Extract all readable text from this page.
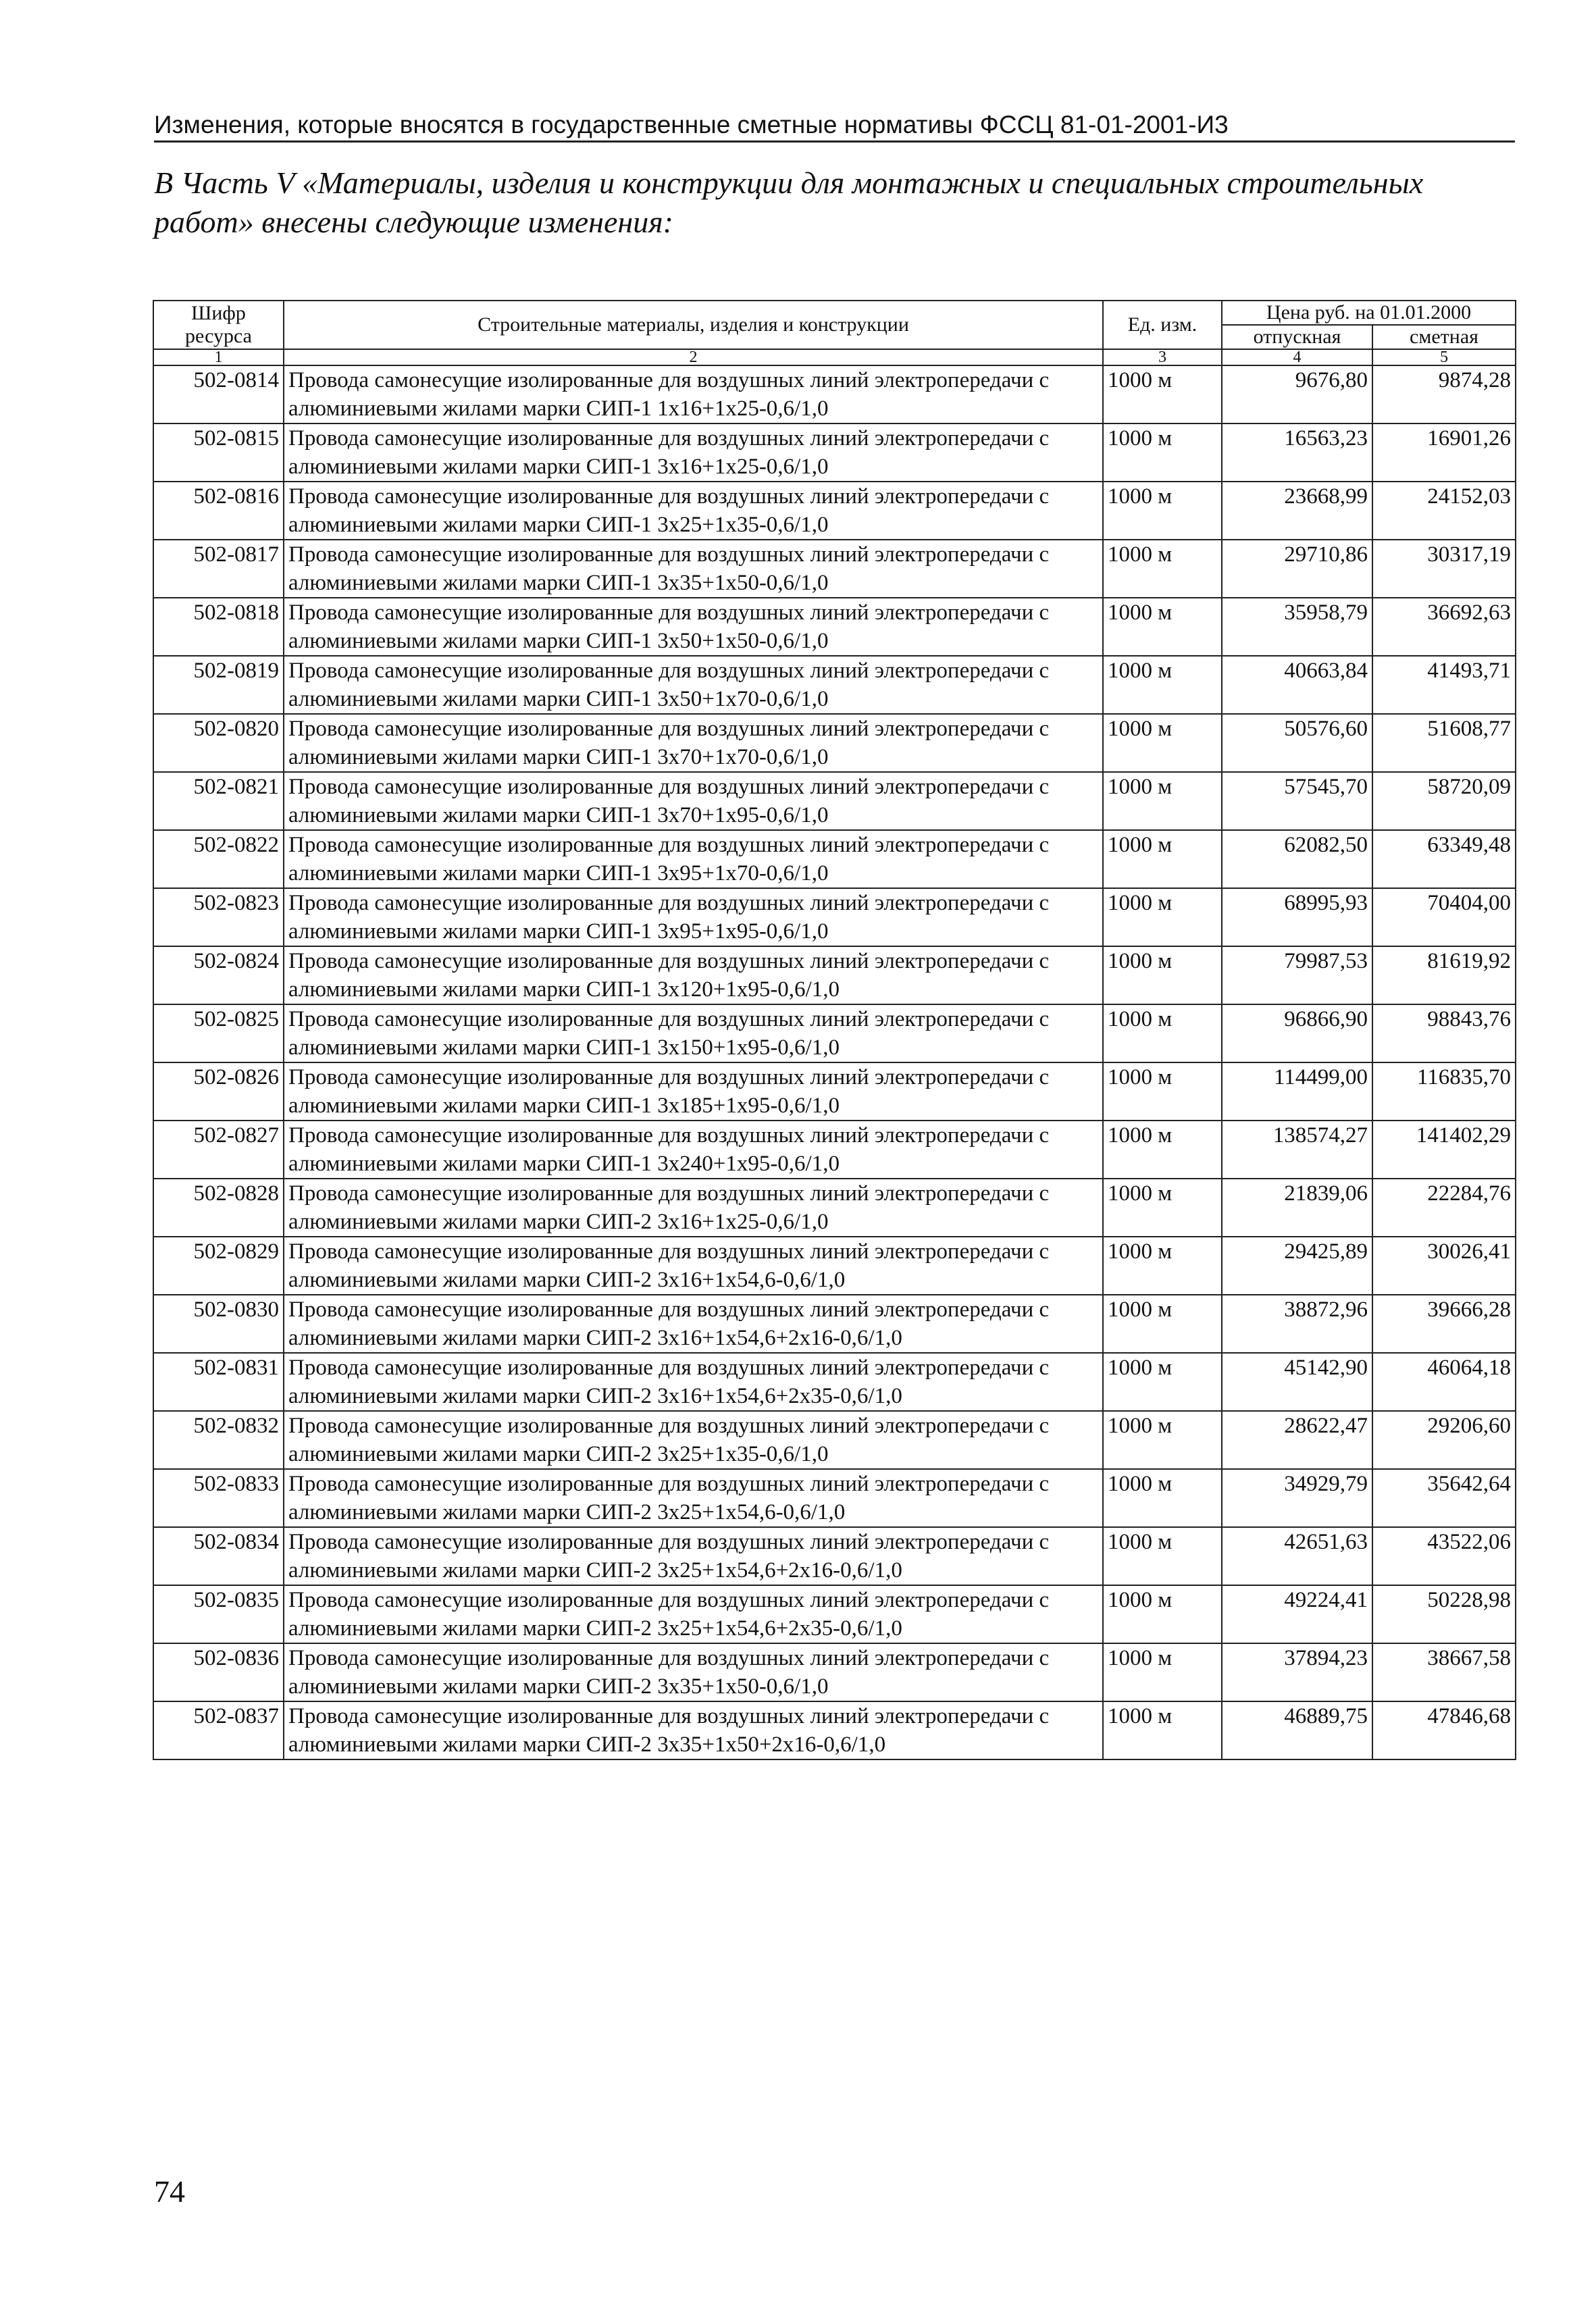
Изменения, которые вносятся в государственные сметные нормативы ФССЦ 81-01-2001-И3
В Часть V «Материалы, изделия и конструкции для монтажных и специальных строительных работ» внесены следующие изменения:
Шифр ресурса	Строительные материалы, изделия и конструкции	Ед. изм.	Цена руб. на 01.01.2000	
			отпускная	сметная
1	2	3	4	5
502-0814	Провода самонесущие изолированные для воздушных линий электропередачи с алюминиевыми жилами марки СИП-1 1х16+1х25-0,6/1,0	1000 м	9676,80	9874,28
502-0815	Провода самонесущие изолированные для воздушных линий электропередачи с алюминиевыми жилами марки СИП-1 3х16+1х25-0,6/1,0	1000 м	16563,23	16901,26
502-0816	Провода самонесущие изолированные для воздушных линий электропередачи с алюминиевыми жилами марки СИП-1 3х25+1х35-0,6/1,0	1000 м	23668,99	24152,03
502-0817	Провода самонесущие изолированные для воздушных линий электропередачи с алюминиевыми жилами марки СИП-1 3х35+1х50-0,6/1,0	1000 м	29710,86	30317,19
502-0818	Провода самонесущие изолированные для воздушных линий электропередачи с алюминиевыми жилами марки СИП-1 3х50+1х50-0,6/1,0	1000 м	35958,79	36692,63
502-0819	Провода самонесущие изолированные для воздушных линий электропередачи с алюминиевыми жилами марки СИП-1 3х50+1х70-0,6/1,0	1000 м	40663,84	41493,71
502-0820	Провода самонесущие изолированные для воздушных линий электропередачи с алюминиевыми жилами марки СИП-1 3х70+1х70-0,6/1,0	1000 м	50576,60	51608,77
502-0821	Провода самонесущие изолированные для воздушных линий электропередачи с алюминиевыми жилами марки СИП-1 3х70+1х95-0,6/1,0	1000 м	57545,70	58720,09
502-0822	Провода самонесущие изолированные для воздушных линий электропередачи с алюминиевыми жилами марки СИП-1 3х95+1х70-0,6/1,0	1000 м	62082,50	63349,48
502-0823	Провода самонесущие изолированные для воздушных линий электропередачи с алюминиевыми жилами марки СИП-1 3х95+1х95-0,6/1,0	1000 м	68995,93	70404,00
502-0824	Провода самонесущие изолированные для воздушных линий электропередачи с алюминиевыми жилами марки СИП-1 3х120+1х95-0,6/1,0	1000 м	79987,53	81619,92
502-0825	Провода самонесущие изолированные для воздушных линий электропередачи с алюминиевыми жилами марки СИП-1 3х150+1х95-0,6/1,0	1000 м	96866,90	98843,76
502-0826	Провода самонесущие изолированные для воздушных линий электропередачи с алюминиевыми жилами марки СИП-1 3х185+1х95-0,6/1,0	1000 м	114499,00	116835,70
502-0827	Провода самонесущие изолированные для воздушных линий электропередачи с алюминиевыми жилами марки СИП-1 3х240+1х95-0,6/1,0	1000 м	138574,27	141402,29
502-0828	Провода самонесущие изолированные для воздушных линий электропередачи с алюминиевыми жилами марки СИП-2 3х16+1х25-0,6/1,0	1000 м	21839,06	22284,76
502-0829	Провода самонесущие изолированные для воздушных линий электропередачи с алюминиевыми жилами марки СИП-2 3х16+1х54,6-0,6/1,0	1000 м	29425,89	30026,41
502-0830	Провода самонесущие изолированные для воздушных линий электропередачи с алюминиевыми жилами марки СИП-2 3х16+1х54,6+2х16-0,6/1,0	1000 м	38872,96	39666,28
502-0831	Провода самонесущие изолированные для воздушных линий электропередачи с алюминиевыми жилами марки СИП-2 3х16+1х54,6+2х35-0,6/1,0	1000 м	45142,90	46064,18
502-0832	Провода самонесущие изолированные для воздушных линий электропередачи с алюминиевыми жилами марки СИП-2 3х25+1х35-0,6/1,0	1000 м	28622,47	29206,60
502-0833	Провода самонесущие изолированные для воздушных линий электропередачи с алюминиевыми жилами марки СИП-2 3х25+1х54,6-0,6/1,0	1000 м	34929,79	35642,64
502-0834	Провода самонесущие изолированные для воздушных линий электропередачи с алюминиевыми жилами марки СИП-2 3х25+1х54,6+2х16-0,6/1,0	1000 м	42651,63	43522,06
502-0835	Провода самонесущие изолированные для воздушных линий электропередачи с алюминиевыми жилами марки СИП-2 3х25+1х54,6+2х35-0,6/1,0	1000 м	49224,41	50228,98
502-0836	Провода самонесущие изолированные для воздушных линий электропередачи с алюминиевыми жилами марки СИП-2 3х35+1х50-0,6/1,0	1000 м	37894,23	38667,58
502-0837	Провода самонесущие изолированные для воздушных линий электропередачи с алюминиевыми жилами марки СИП-2 3х35+1х50+2х16-0,6/1,0	1000 м	46889,75	47846,68
74
